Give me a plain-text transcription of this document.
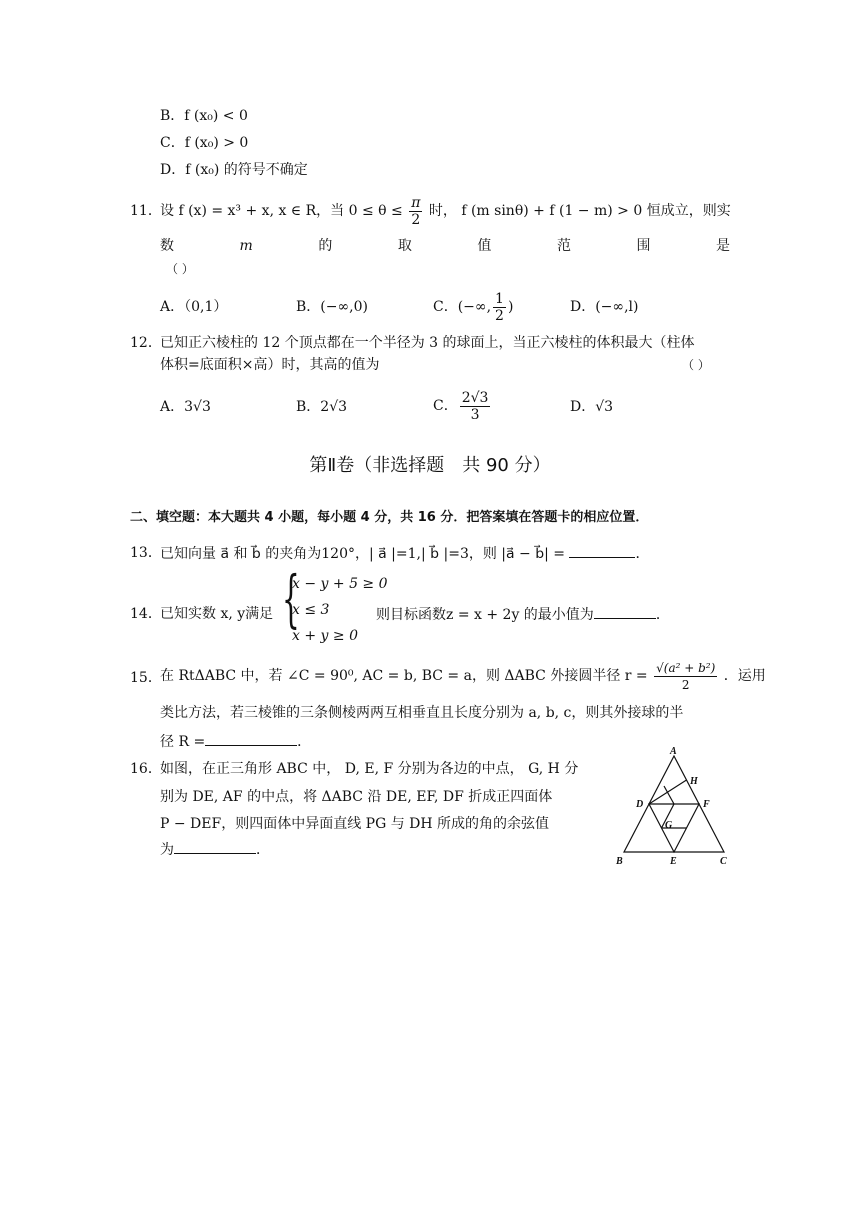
B．f (x₀) < 0
C．f (x₀) > 0
D．f (x₀) 的符号不确定
11．
设 f (x) = x³ + x, x ∈ R，当 $0 \le \theta \le \frac{\pi}{2}$ 时， f (m sinθ) + f (1 − m) > 0 恒成立，则实
数	m	的	取	值	范	围	是
（ ）
A．（0,1）	B．(−∞,0)	C．(−∞, $\frac{1}{2}$ )	D．(−∞,l)
12．
已知正六棱柱的 12 个顶点都在一个半径为 3 的球面上，当正六棱柱的体积最大（柱体
体积=底面积×高）时，其高的值为	（ ）
A．3√3	B．2√3	C． $\frac{2√3}{3}$	D．√3
第Ⅱ卷（非选择题　共 90 分）
二、填空题：本大题共 4 小题，每小题 4 分，共 16 分．把答案填在答题卡的相应位置．
13．
已知向量 a⃗ 和 b⃗ 的夹角为120°，| a⃗ |=1,| b⃗ |=3，则 |a⃗ − b⃗| =	．
14．
已知实数 x, y满足 {
x − y + 5 ≥ 0
x ≤ 3
x + y ≥ 0
则目标函数z = x + 2y 的最小值为	．
15．
在 RtΔABC 中，若 ∠C = 90⁰, AC = b, BC = a，则 ΔABC 外接圆半径 $r = \frac{\text{√(a² + b²)}}{2}$ ．运用
类比方法，若三棱锥的三条侧棱两两互相垂直且长度分别为 a, b, c，则其外接球的半
径 R =	．
16．
如图，在正三角形 ABC 中， D, E, F 分别为各边的中点， G, H 分
别为 DE, AF 的中点，将 ΔABC 沿 DE, EF, DF 折成正四面体
P − DEF，则四面体中异面直线 PG 与 DH 所成的角的余弦值
为	．
A
H
D	F
G
B	E	C
